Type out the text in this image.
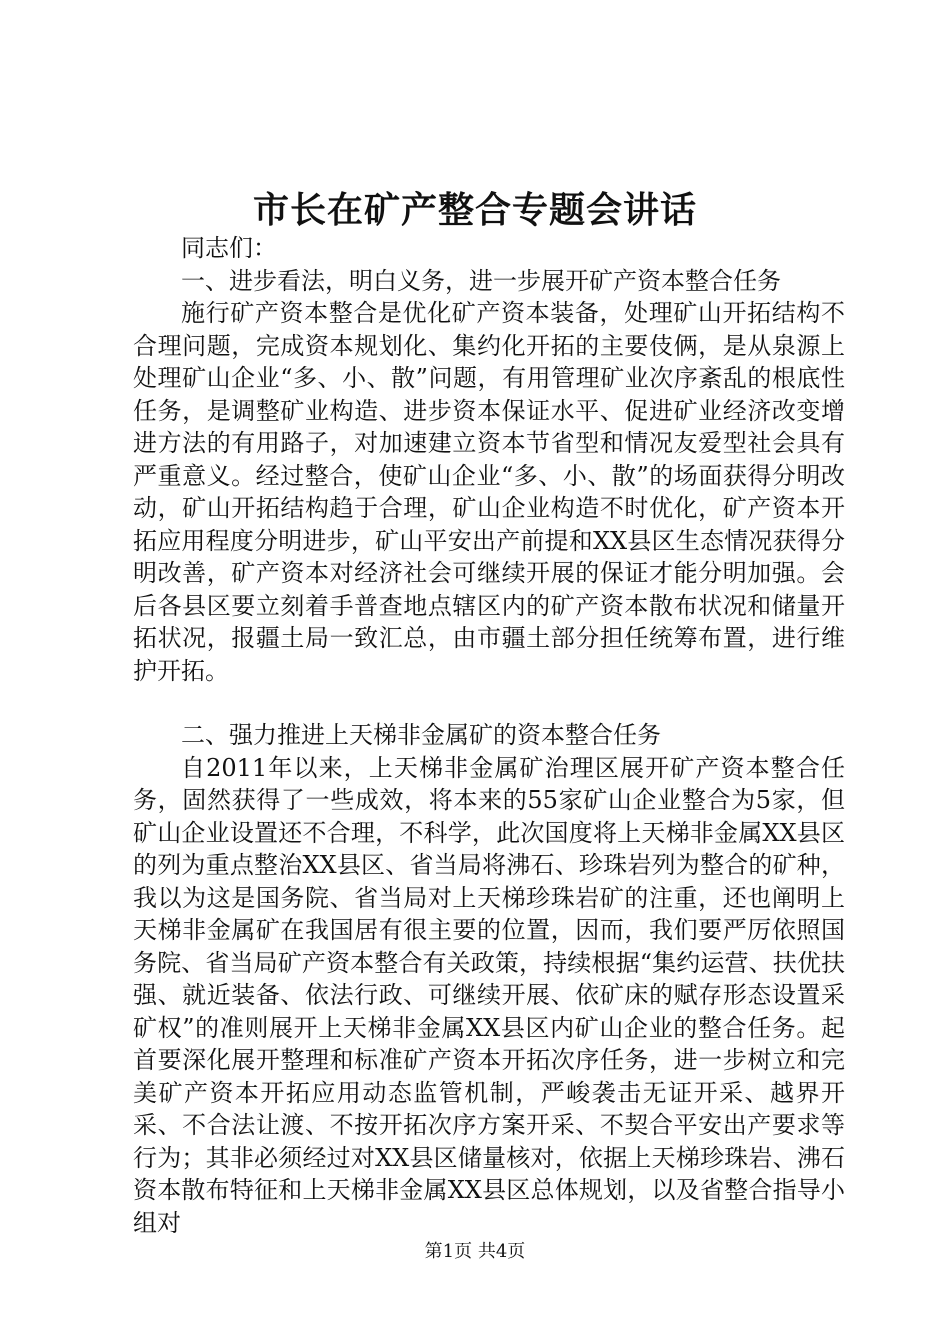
市长在矿产整合专题会讲话

同志们：

一、进步看法，明白义务，进一步展开矿产资本整合任务

施行矿产资本整合是优化矿产资本装备，处理矿山开拓结构不合理问题，完成资本规划化、集约化开拓的主要伎俩，是从泉源上处理矿山企业“多、小、散”问题，有用管理矿业次序紊乱的根底性任务，是调整矿业构造、进步资本保证水平、促进矿业经济改变增进方法的有用路子，对加速建立资本节省型和情况友爱型社会具有严重意义。经过整合，使矿山企业“多、小、散”的场面获得分明改动，矿山开拓结构趋于合理，矿山企业构造不时优化，矿产资本开拓应用程度分明进步，矿山平安出产前提和XX县区生态情况获得分明改善，矿产资本对经济社会可继续开展的保证才能分明加强。会后各县区要立刻着手普查地点辖区内的矿产资本散布状况和储量开拓状况，报疆土局一致汇总，由市疆土部分担任统筹布置，进行维护开拓。

二、强力推进上天梯非金属矿的资本整合任务

自2011年以来，上天梯非金属矿治理区展开矿产资本整合任务，固然获得了一些成效，将本来的55家矿山企业整合为5家，但矿山企业设置还不合理，不科学，此次国度将上天梯非金属XX县区的列为重点整治XX县区、省当局将沸石、珍珠岩列为整合的矿种，我以为这是国务院、省当局对上天梯珍珠岩矿的注重，还也阐明上天梯非金属矿在我国居有很主要的位置，因而，我们要严厉依照国务院、省当局矿产资本整合有关政策，持续根据“集约运营、扶优扶强、就近装备、依法行政、可继续开展、依矿床的赋存形态设置采矿权”的准则展开上天梯非金属XX县区内矿山企业的整合任务。起首要深化展开整理和标准矿产资本开拓次序任务，进一步树立和完美矿产资本开拓应用动态监管机制，严峻袭击无证开采、越界开采、不合法让渡、不按开拓次序方案开采、不契合平安出产要求等行为；其非必须经过对XX县区储量核对，依据上天梯珍珠岩、沸石资本散布特征和上天梯非金属XX县区总体规划，以及省整合指导小组对

第1页 共4页
